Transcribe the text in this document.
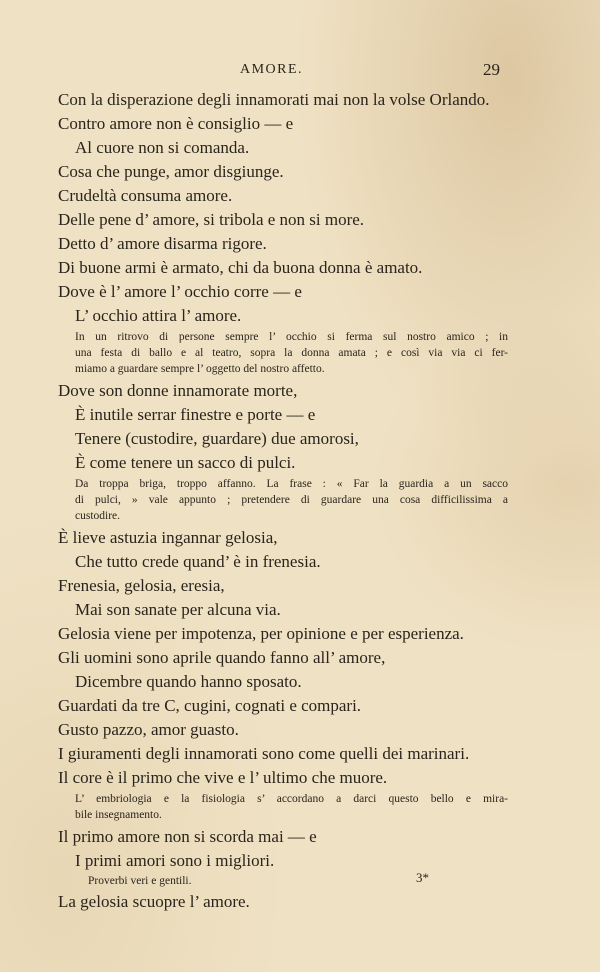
AMORE.	29
Con la disperazione degli innamorati mai non la volse Orlando.
Contro amore non è consiglio — e
Al cuore non si comanda.
Cosa che punge, amor disgiunge.
Crudeltà consuma amore.
Delle pene d’ amore, si tribola e non si more.
Detto d’ amore disarma rigore.
Di buone armi è armato, chi da buona donna è amato.
Dove è l’ amore l’ occhio corre — e
L’ occhio attira l’ amore.
In un ritrovo di persone sempre l’ occhio si ferma sul nostro amico ; in
una festa di ballo e al teatro, sopra la donna amata ; e così via via ci fer-
miamo a guardare sempre l’ oggetto del nostro affetto.
Dove son donne innamorate morte,
È inutile serrar finestre e porte — e
Tenere (custodire, guardare) due amorosi,
È come tenere un sacco di pulci.
Da troppa briga, troppo affanno. La frase : « Far la guardia a un sacco
di pulci, » vale appunto ; pretendere di guardare una cosa difficilissima a
custodire.
È lieve astuzia ingannar gelosia,
Che tutto crede quand’ è in frenesia.
Frenesia, gelosia, eresia,
Mai son sanate per alcuna via.
Gelosia viene per impotenza, per opinione e per esperienza.
Gli uomini sono aprile quando fanno all’ amore,
Dicembre quando hanno sposato.
Guardati da tre C, cugini, cognati e compari.
Gusto pazzo, amor guasto.
I giuramenti degli innamorati sono come quelli dei marinari.
Il core è il primo che vive e l’ ultimo che muore.
L’ embriologia e la fisiologia s’ accordano a darci questo bello e mira-
bile insegnamento.
Il primo amore non si scorda mai — e
I primi amori sono i migliori.
Proverbi veri e gentili.
La gelosia scuopre l’ amore.
3*
